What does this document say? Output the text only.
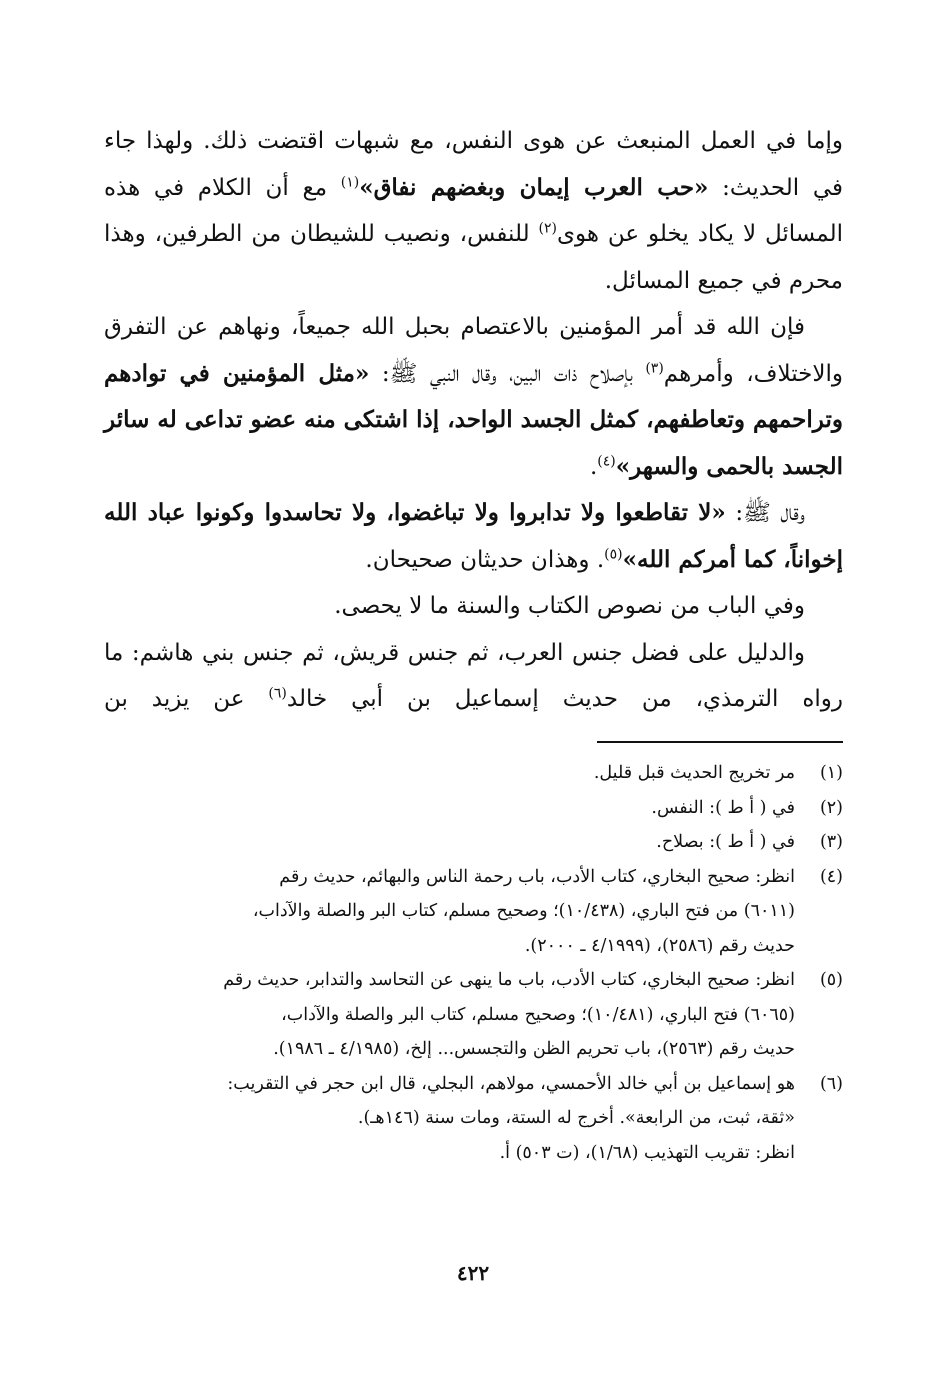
وإما في العمل المنبعث عن هوى النفس، مع شبهات اقتضت ذلك. ولهذا جاء في الحديث: «حب العرب إيمان وبغضهم نفاق»$^{(١)}$ مع أن الكلام في هذه المسائل لا يكاد يخلو عن هوى$^{(٢)}$ للنفس، ونصيب للشيطان من الطرفين، وهذا محرم في جميع المسائل.

فإن الله قد أمر المؤمنين بالاعتصام بحبل الله جميعاً، ونهاهم عن التفرق والاختلاف، وأمرهم$^{(٣)}$ بإصلاح ذات البين، وقال النبي ﷺ: «مثل المؤمنين في توادهم وتراحمهم وتعاطفهم، كمثل الجسد الواحد، إذا اشتكى منه عضو تداعى له سائر الجسد بالحمى والسهر»$^{(٤)}$.

وقال ﷺ: «لا تقاطعوا ولا تدابروا ولا تباغضوا، ولا تحاسدوا وكونوا عباد الله إخواناً، كما أمركم الله»$^{(٥)}$. وهذان حديثان صحيحان.

وفي الباب من نصوص الكتاب والسنة ما لا يحصى.

والدليل على فضل جنس العرب، ثم جنس قريش، ثم جنس بني هاشم: ما رواه الترمذي، من حديث إسماعيل بن أبي خالد$^{(٦)}$ عن يزيد بن

(١)
مر تخريج الحديث قبل قليل.
(٢)
في ( أ ط ): النفس.
(٣)
في ( أ ط ): بصلاح.
(٤)
انظر: صحيح البخاري، كتاب الأدب، باب رحمة الناس والبهائم، حديث رقم
(٦٠١١) من فتح الباري، (١٠/٤٣٨)؛ وصحيح مسلم، كتاب البر والصلة والآداب،
حديث رقم (٢٥٨٦)، (٤/١٩٩٩ ـ ٢٠٠٠).
(٥)
انظر: صحيح البخاري، كتاب الأدب، باب ما ينهى عن التحاسد والتدابر، حديث رقم
(٦٠٦٥) فتح الباري، (١٠/٤٨١)؛ وصحيح مسلم، كتاب البر والصلة والآداب،
حديث رقم (٢٥٦٣)، باب تحريم الظن والتجسس... إلخ، (٤/١٩٨٥ ـ ١٩٨٦).
(٦)
هو إسماعيل بن أبي خالد الأحمسي، مولاهم، البجلي، قال ابن حجر في التقريب:
«ثقة، ثبت، من الرابعة». أخرج له الستة، ومات سنة (١٤٦هـ).
انظر: تقريب التهذيب (١/٦٨)، (ت ٥٠٣) أ.
٤٢٢
